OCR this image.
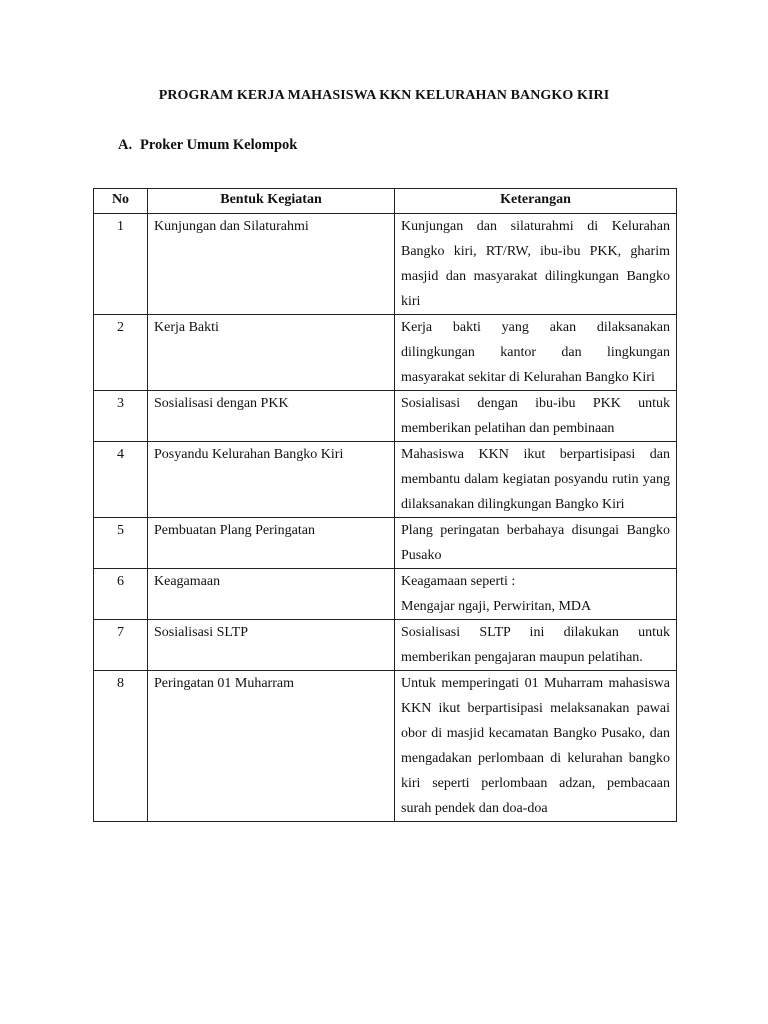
PROGRAM KERJA MAHASISWA KKN KELURAHAN BANGKO KIRI
A. Proker Umum Kelompok
No	Bentuk Kegiatan	Keterangan
1	Kunjungan dan Silaturahmi	Kunjungan dan silaturahmi di Kelurahan Bangko kiri, RT/RW, ibu-ibu PKK, gharim masjid dan masyarakat dilingkungan Bangko kiri
2	Kerja Bakti	Kerja bakti yang akan dilaksanakan dilingkungan kantor dan lingkungan masyarakat sekitar di Kelurahan Bangko Kiri
3	Sosialisasi dengan PKK	Sosialisasi dengan ibu-ibu PKK untuk memberikan pelatihan dan pembinaan
4	Posyandu Kelurahan Bangko Kiri	Mahasiswa KKN ikut berpartisipasi dan membantu dalam kegiatan posyandu rutin yang dilaksanakan dilingkungan Bangko Kiri
5	Pembuatan Plang Peringatan	Plang peringatan berbahaya disungai Bangko Pusako
6	Keagamaan	Keagamaan seperti :
Mengajar ngaji, Perwiritan, MDA

7	Sosialisasi SLTP	Sosialisasi SLTP ini dilakukan untuk memberikan pengajaran maupun pelatihan.
8	Peringatan 01 Muharram	Untuk memperingati 01 Muharram mahasiswa KKN ikut berpartisipasi melaksanakan pawai obor di masjid kecamatan Bangko Pusako, dan mengadakan perlombaan di kelurahan bangko kiri seperti perlombaan adzan, pembacaan surah pendek dan doa-doa
